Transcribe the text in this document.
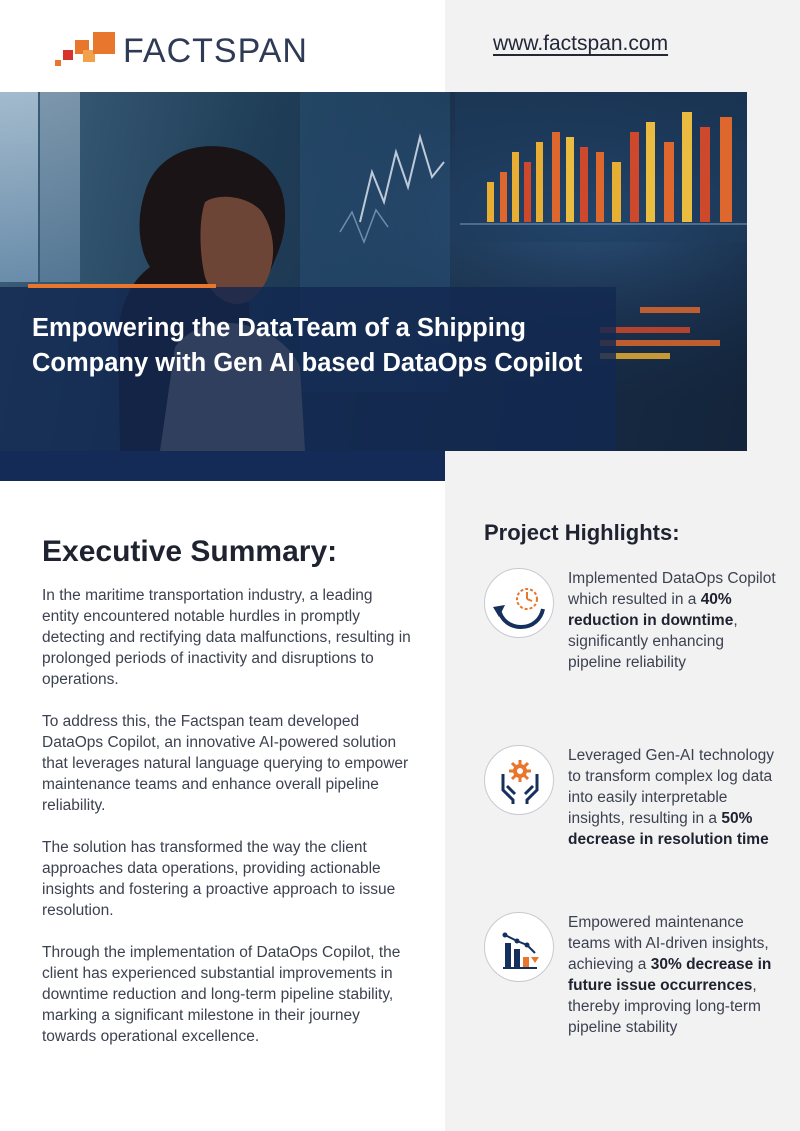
FACTSPAN	www.factspan.com
Empowering the DataTeam of a Shipping Company with Gen AI based DataOps Copilot
Executive Summary:

In the maritime transportation industry, a leading entity encountered notable hurdles in promptly detecting and rectifying data malfunctions, resulting in prolonged periods of inactivity and disruptions to operations.

To address this, the Factspan team developed DataOps Copilot, an innovative AI-powered solution that leverages natural language querying to empower maintenance teams and enhance overall pipeline reliability.

The solution has transformed the way the client approaches data operations, providing actionable insights and fostering a proactive approach to issue resolution.

Through the implementation of DataOps Copilot, the client has experienced substantial improvements in downtime reduction and long-term pipeline stability, marking a significant milestone in their journey towards operational excellence.

Project Highlights:
Implemented DataOps Copilot which resulted in a 40% reduction in downtime, significantly enhancing pipeline reliability
Leveraged Gen-AI technology to transform complex log data into easily interpretable insights, resulting in a 50% decrease in resolution time
Empowered maintenance teams with AI-driven insights, achieving a 30% decrease in future issue occurrences, thereby improving long-term pipeline stability
